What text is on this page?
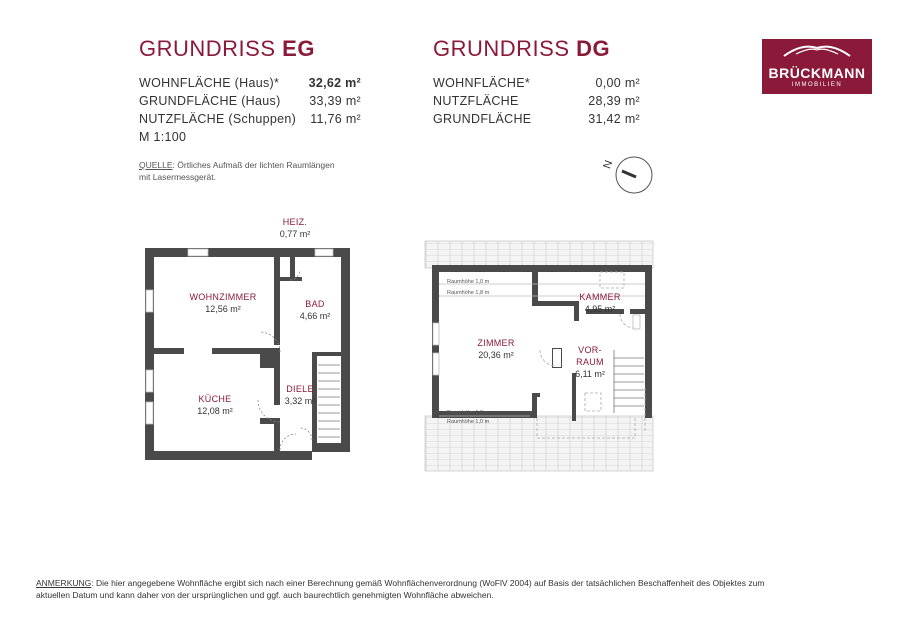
GRUNDRISS EG
WOHNFLÄCHE (Haus)* 32,62 m²
GRUNDFLÄCHE (Haus) 33,39 m²
NUTZFLÄCHE (Schuppen) 11,76 m²
M 1:100
QUELLE: Örtliches Aufmaß der lichten Raumlängen
mit Lasermessgerät.
GRUNDRISS DG
WOHNFLÄCHE*	0,00 m²
NUTZFLÄCHE	28,39 m²
GRUNDFLÄCHE	31,42 m²
BRÜCKMANN
IMMOBILIEN
N
HEIZ.
0,77 m²
WOHNZIMMER
12,56 m²	BAD
4,66 m²
DIELE
3,32 m²
KÜCHE
12,08 m²
Raumhöhe 1,0 m
Raumhöhe 1,8 m
Raumhöhe 1,8 m
Raumhöhe 1,0 m
ZIMMER
20,36 m²
KAMMER
4,95 m²
VOR-
RAUM
6,11 m²
ANMERKUNG: Die hier angegebene Wohnfläche ergibt sich nach einer Berechnung gemäß Wohnflächenverordnung (WoFlV 2004) auf Basis der tatsächlichen Beschaffenheit des Objektes zum
aktuellen Datum und kann daher von der ursprünglichen und ggf. auch baurechtlich genehmigten Wohnfläche abweichen.
